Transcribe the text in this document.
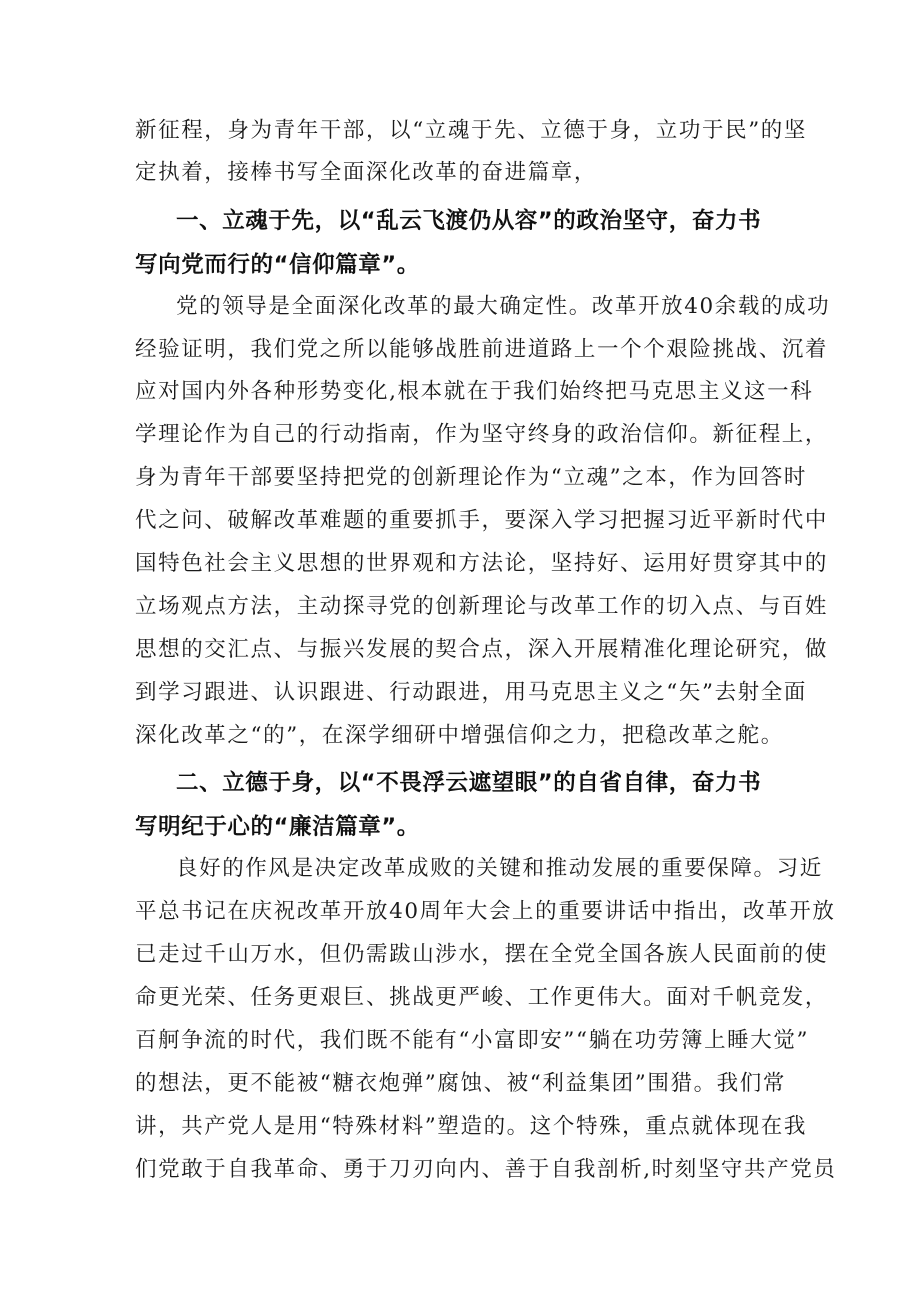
新征程，身为青年干部，以“立魂于先、立德于身，立功于民”的坚
定执着，接棒书写全面深化改革的奋进篇章，
一、立魂于先，以“乱云飞渡仍从容”的政治坚守，奋力书
写向党而行的“信仰篇章”。
党的领导是全面深化改革的最大确定性。改革开放40余载的成功
经验证明，我们党之所以能够战胜前进道路上一个个艰险挑战、沉着
应对国内外各种形势变化,根本就在于我们始终把马克思主义这一科
学理论作为自己的行动指南，作为坚守终身的政治信仰。新征程上，
身为青年干部要坚持把党的创新理论作为“立魂”之本，作为回答时
代之问、破解改革难题的重要抓手，要深入学习把握习近平新时代中
国特色社会主义思想的世界观和方法论，坚持好、运用好贯穿其中的
立场观点方法，主动探寻党的创新理论与改革工作的切入点、与百姓
思想的交汇点、与振兴发展的契合点，深入开展精准化理论研究，做
到学习跟进、认识跟进、行动跟进，用马克思主义之“矢”去射全面
深化改革之“的”，在深学细研中增强信仰之力，把稳改革之舵。
二、立德于身，以“不畏浮云遮望眼”的自省自律，奋力书
写明纪于心的“廉洁篇章”。
良好的作风是决定改革成败的关键和推动发展的重要保障。习近
平总书记在庆祝改革开放40周年大会上的重要讲话中指出，改革开放
已走过千山万水，但仍需跋山涉水，摆在全党全国各族人民面前的使
命更光荣、任务更艰巨、挑战更严峻、工作更伟大。面对千帆竞发，
百舸争流的时代，我们既不能有“小富即安”“躺在功劳簿上睡大觉”
的想法，更不能被“糖衣炮弹”腐蚀、被“利益集团”围猎。我们常
讲，共产党人是用“特殊材料”塑造的。这个特殊，重点就体现在我
们党敢于自我革命、勇于刀刃向内、善于自我剖析,时刻坚守共产党员
